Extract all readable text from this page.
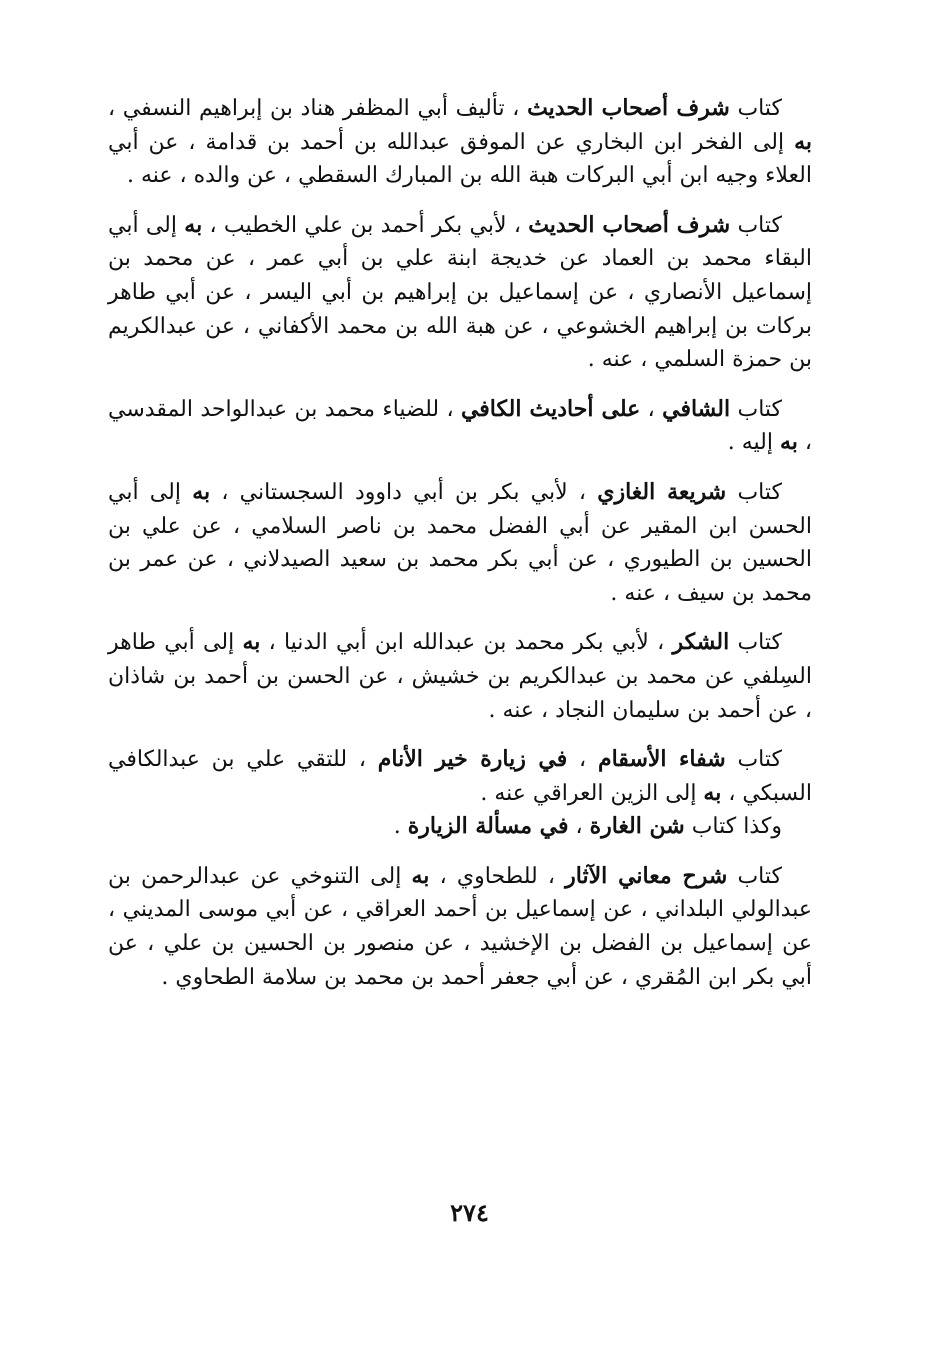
كتاب شرف أصحاب الحديث ، تأليف أبي المظفر هناد بن إبراهيم النسفي ، به إلى الفخر ابن البخاري عن الموفق عبدالله بن أحمد بن قدامة ، عن أبي العلاء وجيه ابن أبي البركات هبة الله بن المبارك السقطي ، عن والده ، عنه .

كتاب شرف أصحاب الحديث ، لأبي بكر أحمد بن علي الخطيب ، به إلى أبي البقاء محمد بن العماد عن خديجة ابنة علي بن أبي عمر ، عن محمد بن إسماعيل الأنصاري ، عن إسماعيل بن إبراهيم بن أبي اليسر ، عن أبي طاهر بركات بن إبراهيم الخشوعي ، عن هبة الله بن محمد الأكفاني ، عن عبدالكريم بن حمزة السلمي ، عنه .

كتاب الشافي ، على أحاديث الكافي ، للضياء محمد بن عبدالواحد المقدسي ، به إليه .

كتاب شريعة الغازي ، لأبي بكر بن أبي داوود السجستاني ، به إلى أبي الحسن ابن المقير عن أبي الفضل محمد بن ناصر السلامي ، عن علي بن الحسين بن الطيوري ، عن أبي بكر محمد بن سعيد الصيدلاني ، عن عمر بن محمد بن سيف ، عنه .

كتاب الشكر ، لأبي بكر محمد بن عبدالله ابن أبي الدنيا ، به إلى أبي طاهر السِلفي عن محمد بن عبدالكريم بن خشيش ، عن الحسن بن أحمد بن شاذان ، عن أحمد بن سليمان النجاد ، عنه .

كتاب شفاء الأسقام ، في زيارة خير الأنام ، للتقي علي بن عبدالكافي السبكي ، به إلى الزين العراقي عنه .

وكذا كتاب شن الغارة ، في مسألة الزيارة .

كتاب شرح معاني الآثار ، للطحاوي ، به إلى التنوخي عن عبدالرحمن بن عبدالولي البلداني ، عن إسماعيل بن أحمد العراقي ، عن أبي موسى المديني ، عن إسماعيل بن الفضل بن الإخشيد ، عن منصور بن الحسين بن علي ، عن أبي بكر ابن المُقري ، عن أبي جعفر أحمد بن محمد بن سلامة الطحاوي .

٢٧٤
